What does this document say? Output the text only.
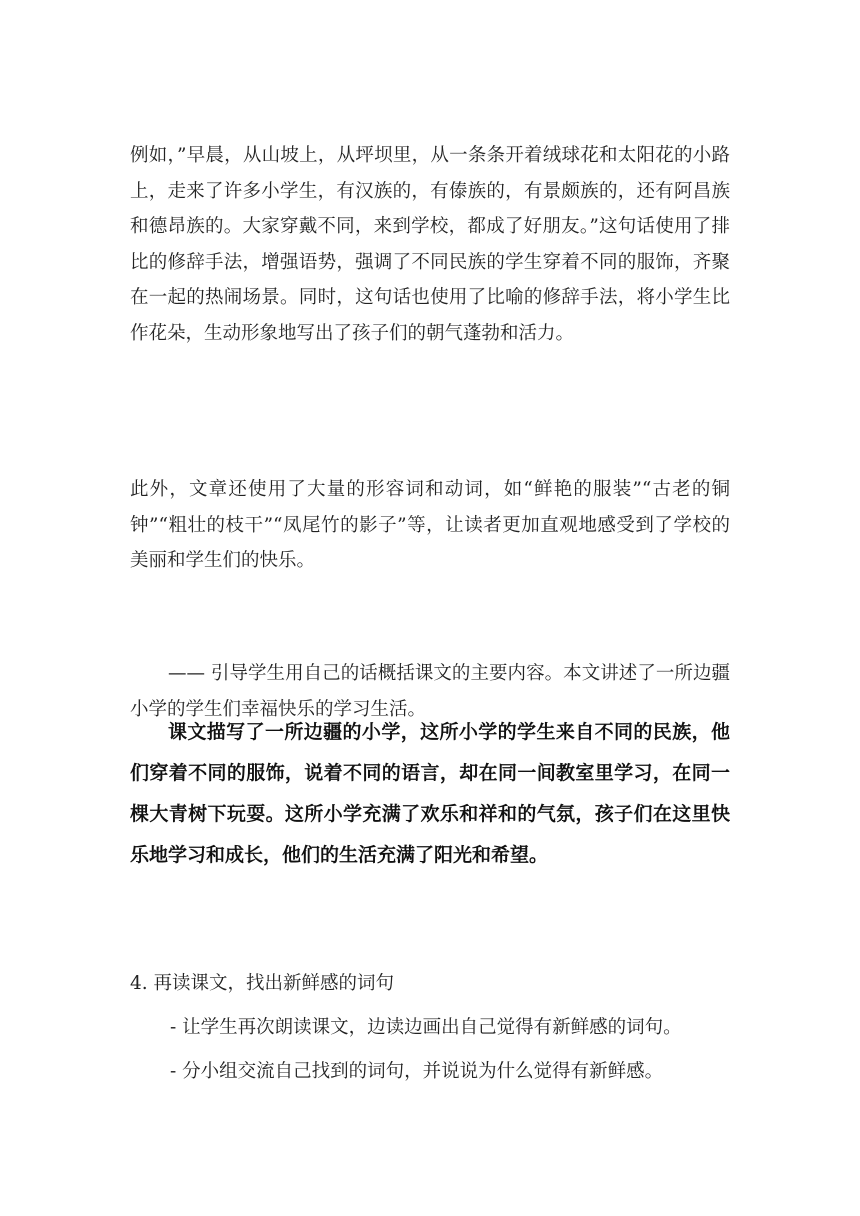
例如，”早晨，从山坡上，从坪坝里，从一条条开着绒球花和太阳花的小路上，走来了许多小学生，有汉族的，有傣族的，有景颇族的，还有阿昌族和德昂族的。大家穿戴不同，来到学校，都成了好朋友。”这句话使用了排比的修辞手法，增强语势，强调了不同民族的学生穿着不同的服饰，齐聚在一起的热闹场景。同时，这句话也使用了比喻的修辞手法，将小学生比作花朵，生动形象地写出了孩子们的朝气蓬勃和活力。

此外，文章还使用了大量的形容词和动词，如“鲜艳的服装”“古老的铜钟”“粗壮的枝干”“凤尾竹的影子”等，让读者更加直观地感受到了学校的美丽和学生们的快乐。

—— 引导学生用自己的话概括课文的主要内容。本文讲述了一所边疆小学的学生们幸福快乐的学习生活。

课文描写了一所边疆的小学，这所小学的学生来自不同的民族，他们穿着不同的服饰，说着不同的语言，却在同一间教室里学习，在同一棵大青树下玩耍。这所小学充满了欢乐和祥和的气氛，孩子们在这里快乐地学习和成长，他们的生活充满了阳光和希望。

4. 再读课文，找出新鲜感的词句

- 让学生再次朗读课文，边读边画出自己觉得有新鲜感的词句。

- 分小组交流自己找到的词句，并说说为什么觉得有新鲜感。
